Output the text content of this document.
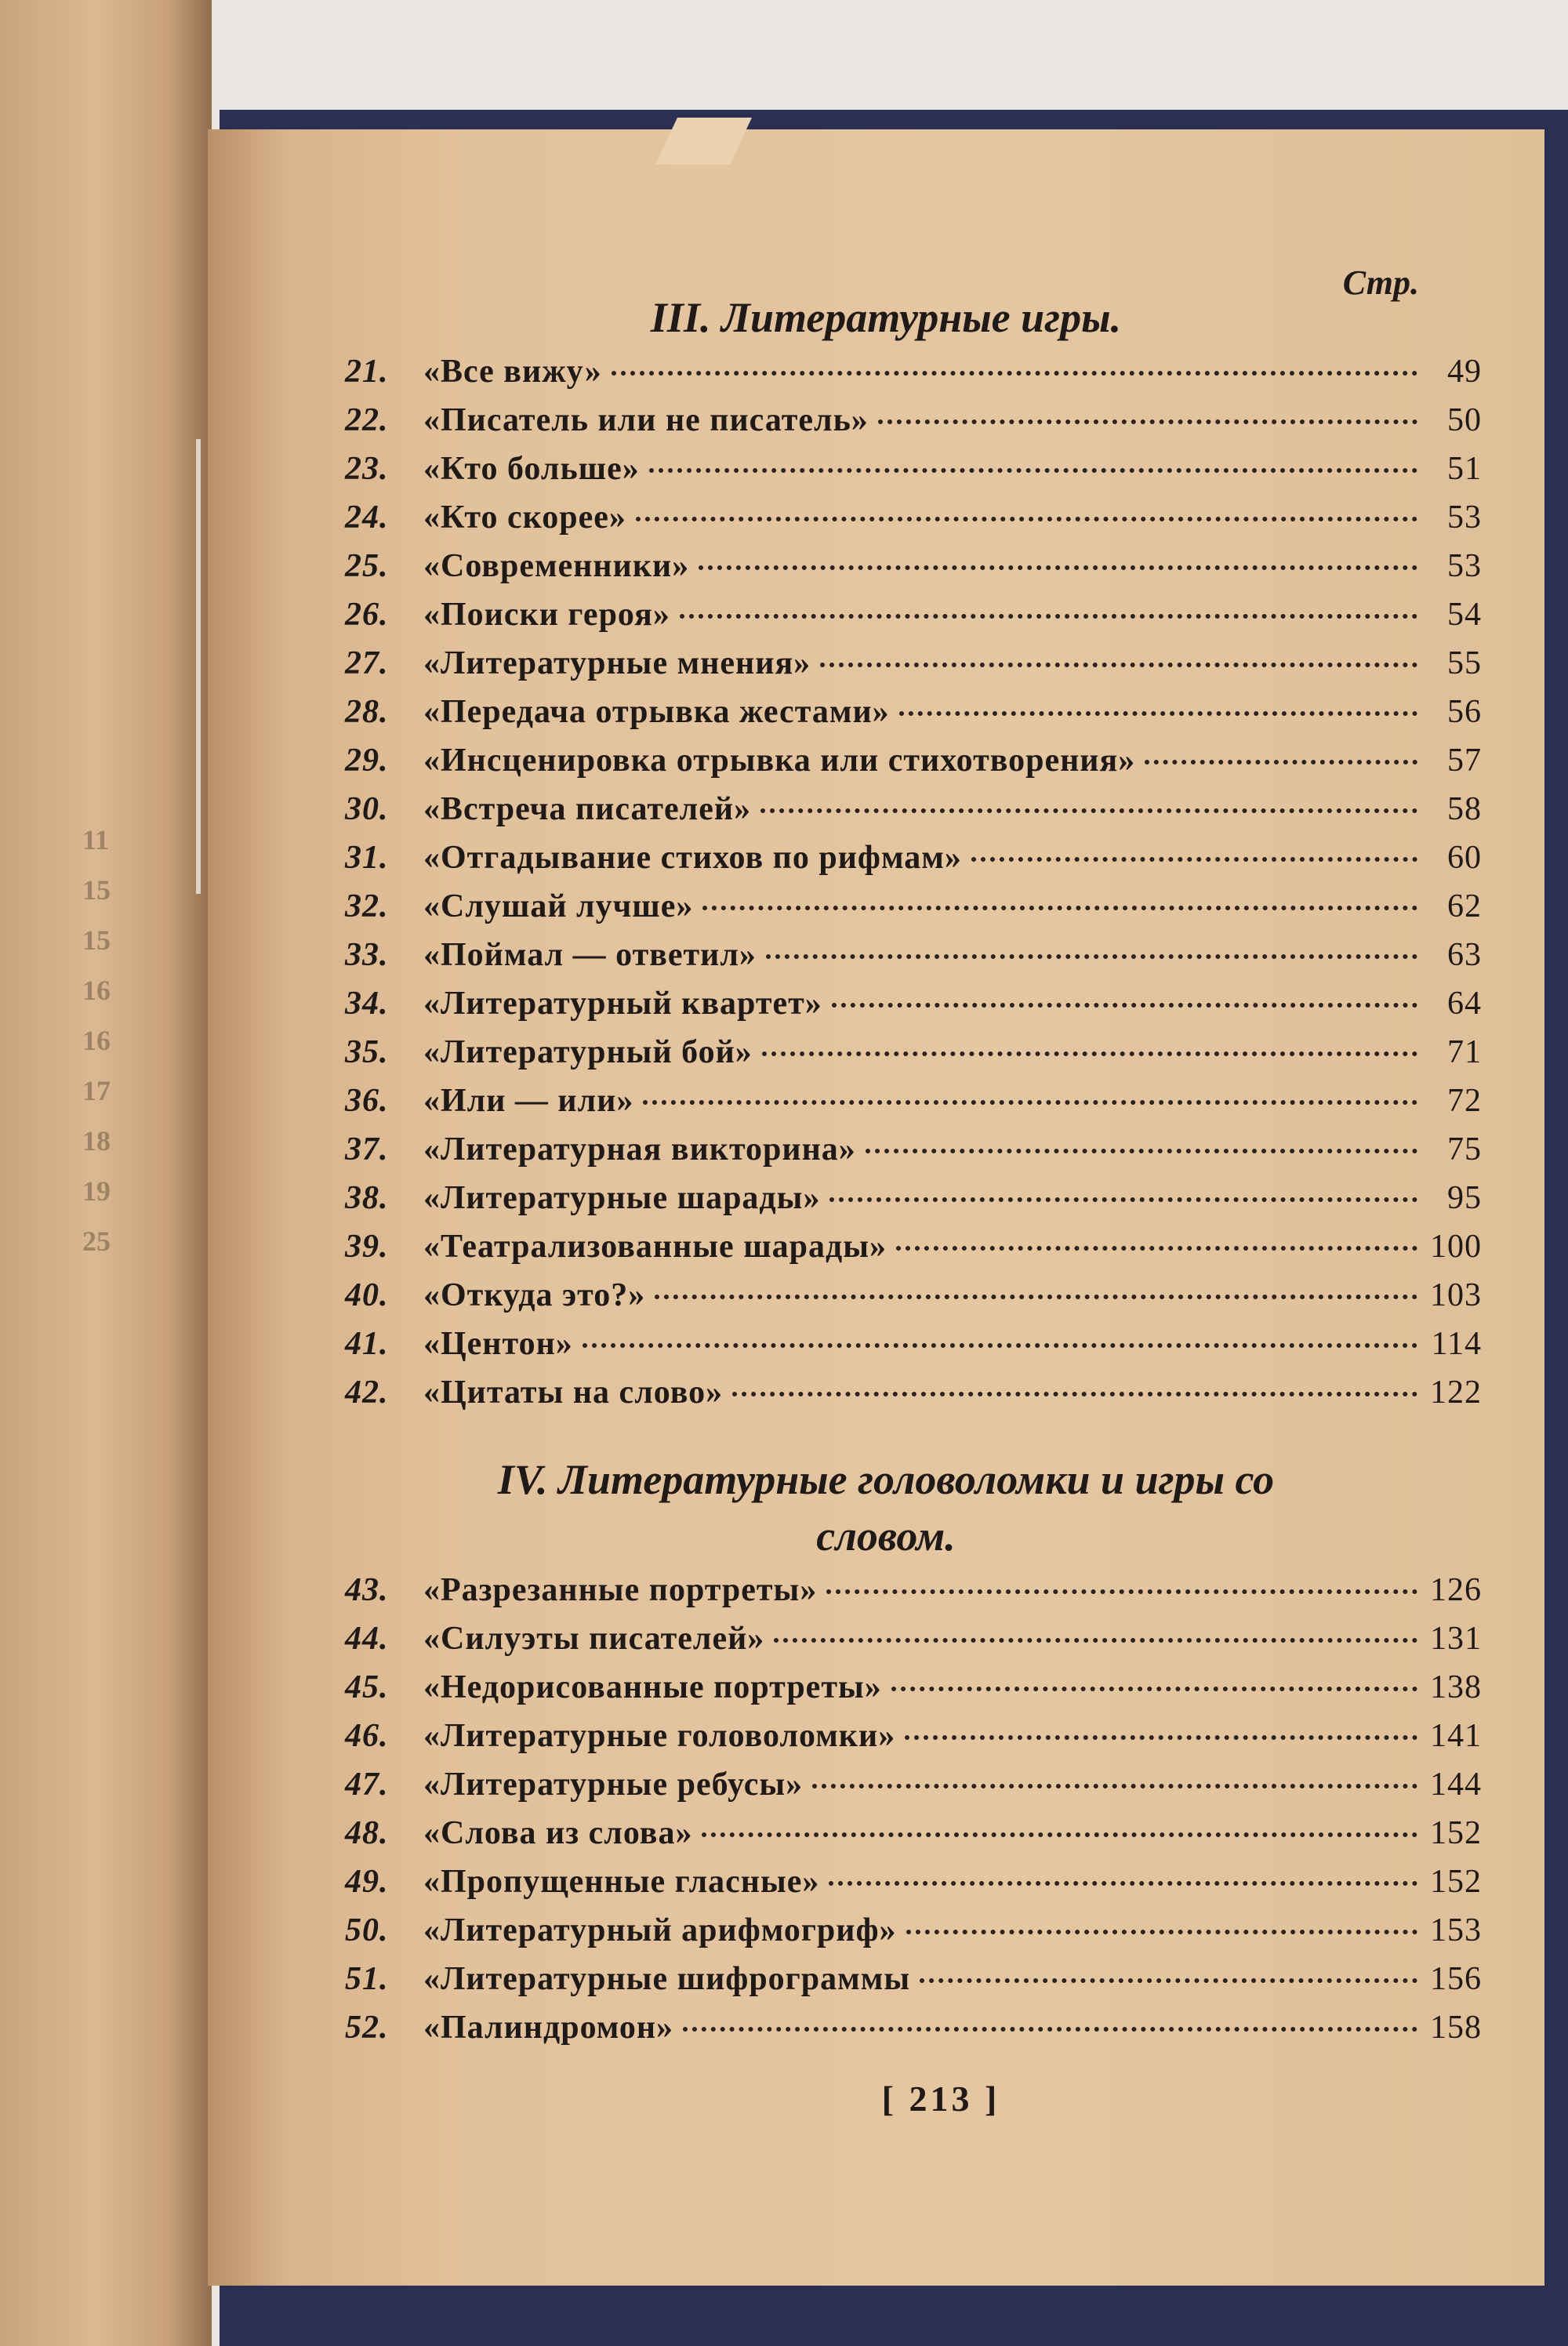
11
15
15
16
16
17
18
19
25
Стр.
[ 213 ]
III. Литературные игры.
21.	«Все вижу»	49
22.	«Писатель или не писатель»	50
23.	«Кто больше»	51
24.	«Кто скорее»	53
25.	«Современники»	53
26.	«Поиски героя»	54
27.	«Литературные мнения»	55
28.	«Передача отрывка жестами»	56
29.	«Инсценировка отрывка или стихотворения»	57
30.	«Встреча писателей»	58
31.	«Отгадывание стихов по рифмам»	60
32.	«Слушай лучше»	62
33.	«Поймал — ответил»	63
34.	«Литературный квартет»	64
35.	«Литературный бой»	71
36.	«Или — или»	72
37.	«Литературная викторина»	75
38.	«Литературные шарады»	95
39.	«Театрализованные шарады»	100
40.	«Откуда это?»	103
41.	«Центон»	114
42.	«Цитаты на слово»	122
IV. Литературные головоломки и игры со
словом.
43.	«Разрезанные портреты»	126
44.	«Силуэты писателей»	131
45.	«Недорисованные портреты»	138
46.	«Литературные головоломки»	141
47.	«Литературные ребусы»	144
48.	«Слова из слова»	152
49.	«Пропущенные гласные»	152
50.	«Литературный арифмогриф»	153
51.	«Литературные шифрограммы	156
52.	«Палиндромон»	158
